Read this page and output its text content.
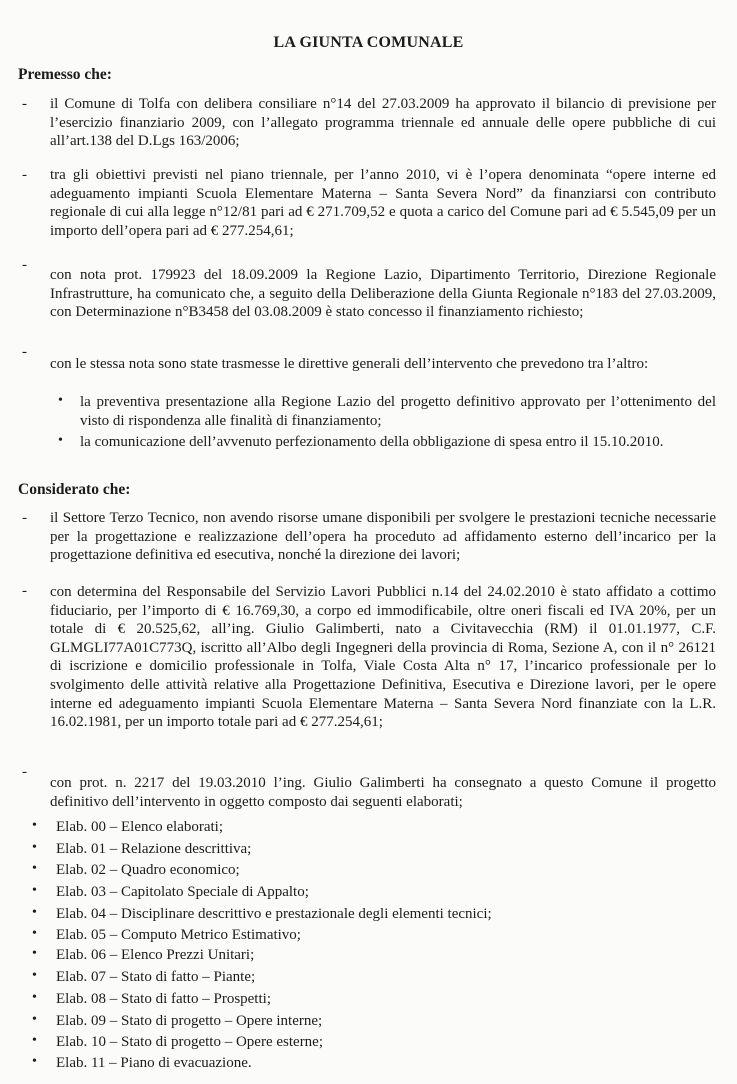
LA GIUNTA COMUNALE
Premesso che:
- il Comune di Tolfa con delibera consiliare n°14 del 27.03.2009 ha approvato il bilancio di previsione per l’esercizio finanziario 2009, con l’allegato programma triennale ed annuale delle opere pubbliche di cui all’art.138 del D.Lgs 163/2006;
- tra gli obiettivi previsti nel piano triennale, per l’anno 2010, vi è l’opera denominata “opere interne ed adeguamento impianti Scuola Elementare Materna – Santa Severa Nord” da finanziarsi con contributo regionale di cui alla legge n°12/81 pari ad € 271.709,52 e quota a carico del Comune pari ad € 5.545,09 per un importo dell’opera pari ad € 277.254,61;
-
con nota prot. 179923 del 18.09.2009 la Regione Lazio, Dipartimento Territorio, Direzione Regionale Infrastrutture, ha comunicato che, a seguito della Deliberazione della Giunta Regionale n°183 del 27.03.2009, con Determinazione n°B3458 del 03.08.2009 è stato concesso il finanziamento richiesto;
-
con le stessa nota sono state trasmesse le direttive generali dell’intervento che prevedono tra l’altro:
• la preventiva presentazione alla Regione Lazio del progetto definitivo approvato per l’ottenimento del visto di rispondenza alle finalità di finanziamento;
• la comunicazione dell’avvenuto perfezionamento della obbligazione di spesa entro il 15.10.2010.
Considerato che:
- il Settore Terzo Tecnico, non avendo risorse umane disponibili per svolgere le prestazioni tecniche necessarie per la progettazione e realizzazione dell’opera ha proceduto ad affidamento esterno dell’incarico per la progettazione definitiva ed esecutiva, nonché la direzione dei lavori;
- con determina del Responsabile del Servizio Lavori Pubblici n.14 del 24.02.2010 è stato affidato a cottimo fiduciario, per l’importo di € 16.769,30, a corpo ed immodificabile, oltre oneri fiscali ed IVA 20%, per un totale di € 20.525,62, all’ing. Giulio Galimberti, nato a Civitavecchia (RM) il 01.01.1977, C.F. GLMGLI77A01C773Q, iscritto all’Albo degli Ingegneri della provincia di Roma, Sezione A, con il n° 26121 di iscrizione e domicilio professionale in Tolfa, Viale Costa Alta n° 17, l’incarico professionale per lo svolgimento delle attività relative alla Progettazione Definitiva, Esecutiva e Direzione lavori, per le opere interne ed adeguamento impianti Scuola Elementare Materna – Santa Severa Nord finanziate con la L.R. 16.02.1981, per un importo totale pari ad € 277.254,61;
-
con prot. n. 2217 del 19.03.2010 l’ing. Giulio Galimberti ha consegnato a questo Comune il progetto definitivo dell’intervento in oggetto composto dai seguenti elaborati;
• Elab. 00 – Elenco elaborati;
• Elab. 01 – Relazione descrittiva;
• Elab. 02 – Quadro economico;
• Elab. 03 – Capitolato Speciale di Appalto;
• Elab. 04 – Disciplinare descrittivo e prestazionale degli elementi tecnici;
• Elab. 05 – Computo Metrico Estimativo;
• Elab. 06 – Elenco Prezzi Unitari;
• Elab. 07 – Stato di fatto – Piante;
• Elab. 08 – Stato di fatto – Prospetti;
• Elab. 09 – Stato di progetto – Opere interne;
• Elab. 10 – Stato di progetto – Opere esterne;
• Elab. 11 – Piano di evacuazione.
